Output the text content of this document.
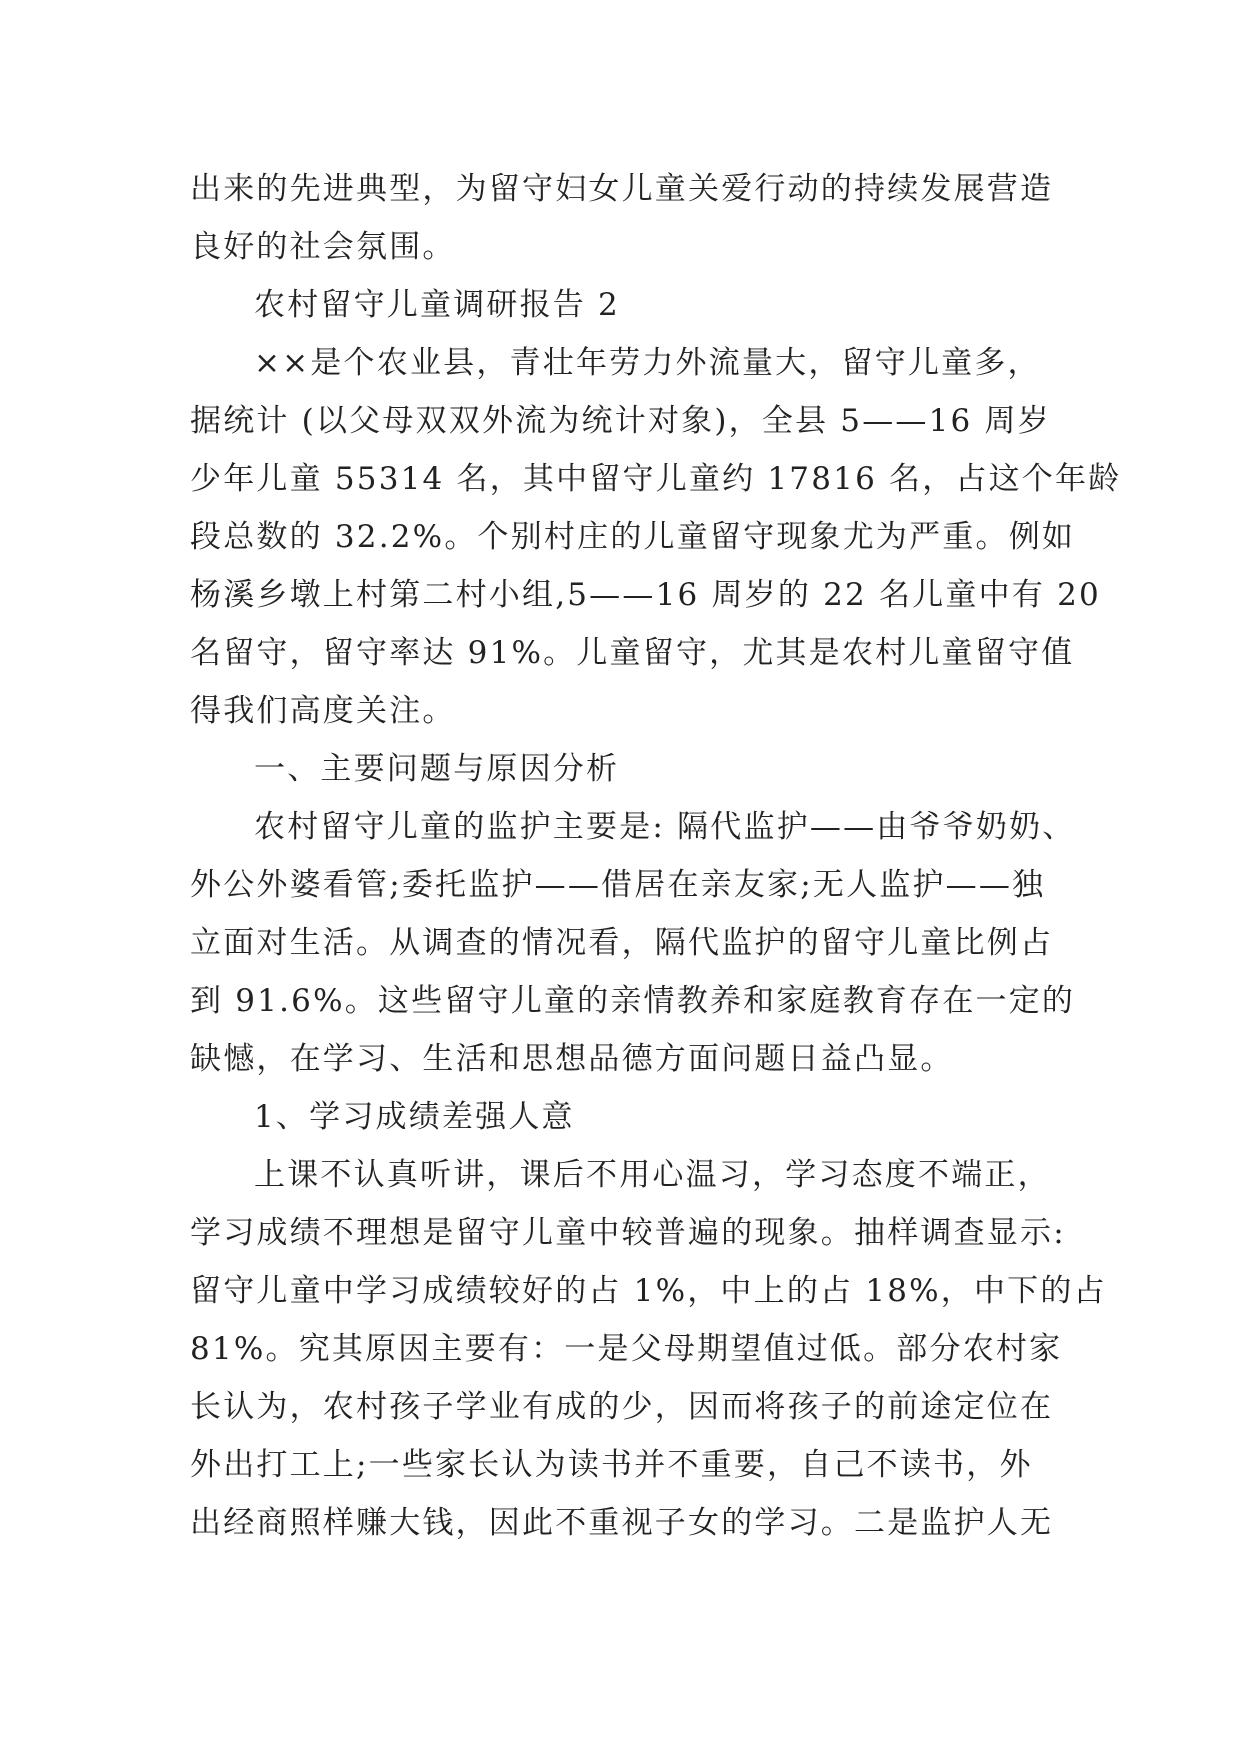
出来的先进典型，为留守妇女儿童关爱行动的持续发展营造
良好的社会氛围。
农村留守儿童调研报告 2
××是个农业县，青壮年劳力外流量大，留守儿童多，
据统计 (以父母双双外流为统计对象)，全县 5——16 周岁
少年儿童 55314 名，其中留守儿童约 17816 名，占这个年龄
段总数的 32.2%。个别村庄的儿童留守现象尤为严重。例如
杨溪乡墩上村第二村小组,5——16 周岁的 22 名儿童中有 20
名留守，留守率达 91%。儿童留守，尤其是农村儿童留守值
得我们高度关注。
一、主要问题与原因分析
农村留守儿童的监护主要是: 隔代监护——由爷爷奶奶、
外公外婆看管;委托监护——借居在亲友家;无人监护——独
立面对生活。从调查的情况看，隔代监护的留守儿童比例占
到 91.6%。这些留守儿童的亲情教养和家庭教育存在一定的
缺憾，在学习、生活和思想品德方面问题日益凸显。
1、学习成绩差强人意
上课不认真听讲，课后不用心温习，学习态度不端正，
学习成绩不理想是留守儿童中较普遍的现象。抽样调查显示:
留守儿童中学习成绩较好的占 1%，中上的占 18%，中下的占
81%。究其原因主要有：一是父母期望值过低。部分农村家
长认为，农村孩子学业有成的少，因而将孩子的前途定位在
外出打工上;一些家长认为读书并不重要，自己不读书，外
出经商照样赚大钱，因此不重视子女的学习。二是监护人无
